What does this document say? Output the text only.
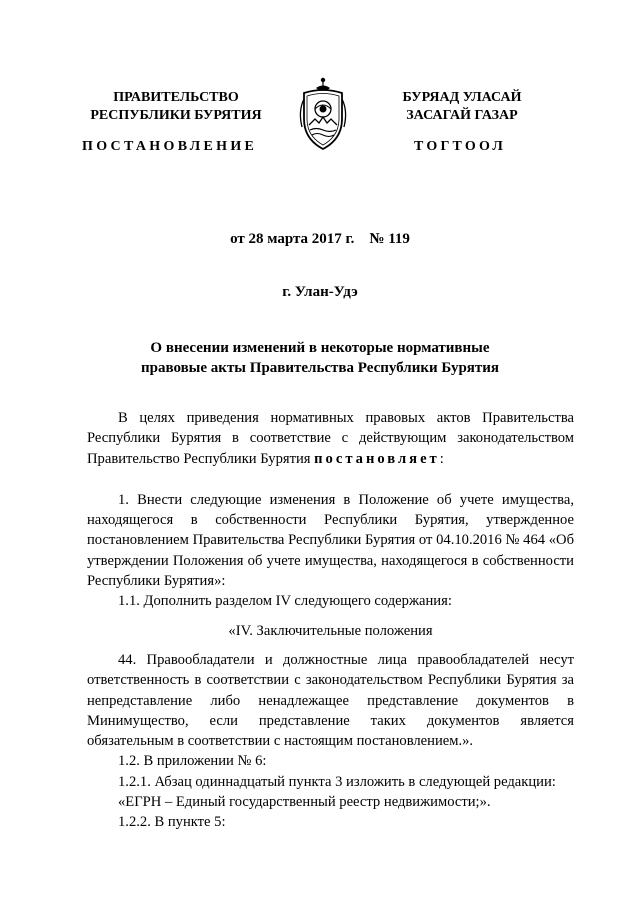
ПРАВИТЕЛЬСТВО
РЕСПУБЛИКИ БУРЯТИЯ
БУРЯАД УЛАСАЙ
ЗАСАГАЙ ГАЗАР
ПОСТАНОВЛЕНИЕ	ТОГТООЛ
от 28 марта 2017 г.    № 119
г. Улан-Удэ
О внесении изменений в некоторые нормативные
правовые акты Правительства Республики Бурятия

В целях приведения нормативных правовых актов Правительства Республики Бурятия в соответствие с действующим законодательством Правительство Республики Бурятия постановляет:

1. Внести следующие изменения в Положение об учете имущества, находящегося в собственности Республики Бурятия, утвержденное постановлением Правительства Республики Бурятия от 04.10.2016 № 464 «Об утверждении Положения об учете имущества, находящегося в собственности Республики Бурятия»:

1.1. Дополнить разделом IV следующего содержания:

«IV. Заключительные положения

44. Правообладатели и должностные лица правообладателей несут ответственность в соответствии с законодательством Республики Бурятия за непредставление либо ненадлежащее представление документов в Минимущество, если представление таких документов является обязательным в соответствии с настоящим постановлением.».

1.2. В приложении № 6:

1.2.1. Абзац одиннадцатый пункта 3 изложить в следующей редакции:

«ЕГРН – Единый государственный реестр недвижимости;».

1.2.2. В пункте 5:
